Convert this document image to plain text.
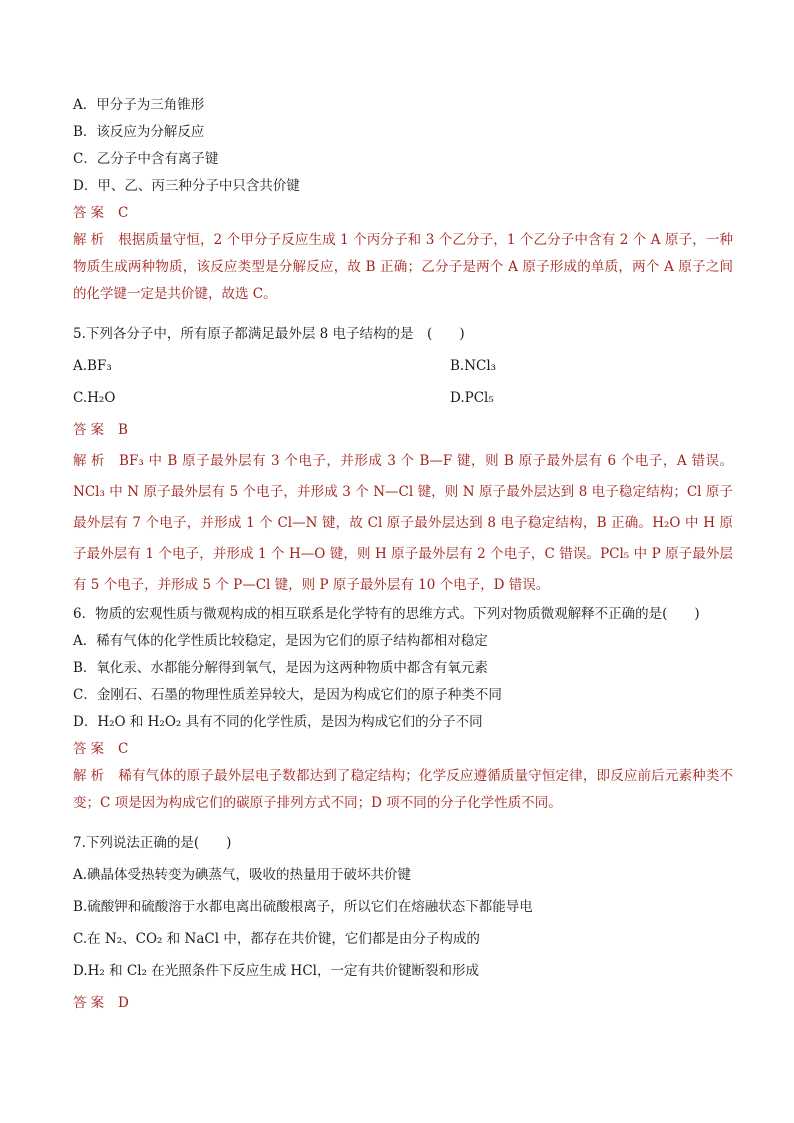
A．甲分子为三角锥形
B．该反应为分解反应
C．乙分子中含有离子键
D．甲、乙、丙三种分子中只含共价键
答案 C
解析 根据质量守恒，2 个甲分子反应生成 1 个丙分子和 3 个乙分子，1 个乙分子中含有 2 个 A 原子，一种物质生成两种物质，该反应类型是分解反应，故 B 正确；乙分子是两个 A 原子形成的单质，两个 A 原子之间的化学键一定是共价键，故选 C。
5.下列各分子中，所有原子都满足最外层 8 电子结构的是　(　　)
A.BF₃	B.NCl₃
C.H₂O	D.PCl₅
答案 B
解析 BF₃ 中 B 原子最外层有 3 个电子，并形成 3 个 B—F 键，则 B 原子最外层有 6 个电子，A 错误。NCl₃ 中 N 原子最外层有 5 个电子，并形成 3 个 N—Cl 键，则 N 原子最外层达到 8 电子稳定结构；Cl 原子最外层有 7 个电子，并形成 1 个 Cl—N 键，故 Cl 原子最外层达到 8 电子稳定结构，B 正确。H₂O 中 H 原子最外层有 1 个电子，并形成 1 个 H—O 键，则 H 原子最外层有 2 个电子，C 错误。PCl₅ 中 P 原子最外层有 5 个电子，并形成 5 个 P—Cl 键，则 P 原子最外层有 10 个电子，D 错误。
6．物质的宏观性质与微观构成的相互联系是化学特有的思维方式。下列对物质微观解释不正确的是(　　)
A．稀有气体的化学性质比较稳定，是因为它们的原子结构都相对稳定
B．氧化汞、水都能分解得到氧气，是因为这两种物质中都含有氧元素
C．金刚石、石墨的物理性质差异较大，是因为构成它们的原子种类不同
D．H₂O 和 H₂O₂ 具有不同的化学性质，是因为构成它们的分子不同
答案 C
解析 稀有气体的原子最外层电子数都达到了稳定结构；化学反应遵循质量守恒定律，即反应前后元素种类不变；C 项是因为构成它们的碳原子排列方式不同；D 项不同的分子化学性质不同。
7.下列说法正确的是(　　)
A.碘晶体受热转变为碘蒸气，吸收的热量用于破坏共价键
B.硫酸钾和硫酸溶于水都电离出硫酸根离子，所以它们在熔融状态下都能导电
C.在 N₂、CO₂ 和 NaCl 中，都存在共价键，它们都是由分子构成的
D.H₂ 和 Cl₂ 在光照条件下反应生成 HCl，一定有共价键断裂和形成
答案 D
